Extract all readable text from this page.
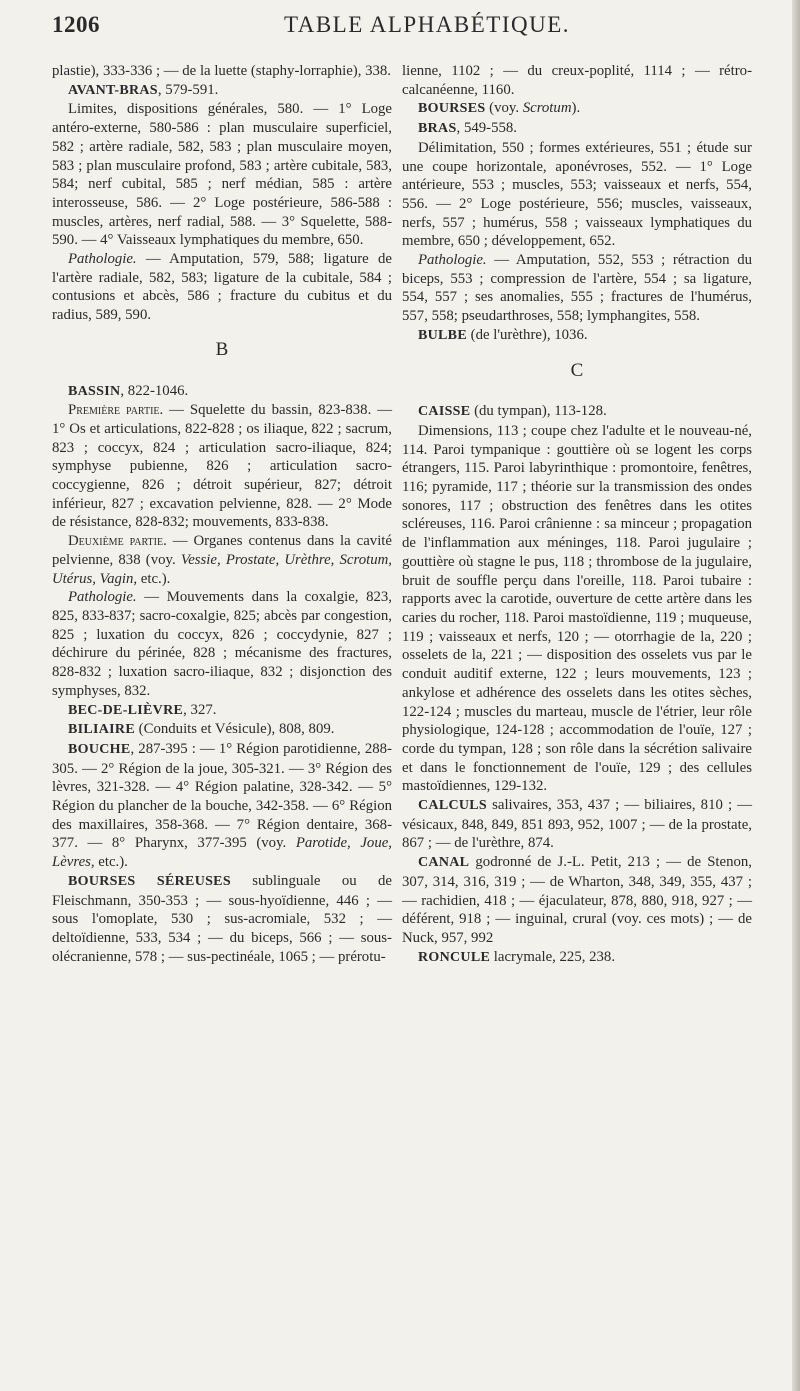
1206	TABLE ALPHABÉTIQUE.

plastie), 333-336 ; — de la luette (staphy-lorraphie), 338.

AVANT-BRAS, 579-591.

Limites, dispositions générales, 580. — 1° Loge antéro-externe, 580-586 : plan musculaire superficiel, 582 ; artère radiale, 582, 583 ; plan musculaire moyen, 583 ; plan musculaire profond, 583 ; artère cubitale, 583, 584; nerf cubital, 585 ; nerf médian, 585 : artère interosseuse, 586. — 2° Loge postérieure, 586-588 : muscles, artères, nerf radial, 588. — 3° Squelette, 588-590. — 4° Vaisseaux lymphatiques du membre, 650.

Pathologie. — Amputation, 579, 588; ligature de l'artère radiale, 582, 583; ligature de la cubitale, 584 ; contusions et abcès, 586 ; fracture du cubitus et du radius, 589, 590.

B

BASSIN, 822-1046.

Première partie. — Squelette du bassin, 823-838. — 1° Os et articulations, 822-828 ; os iliaque, 822 ; sacrum, 823 ; coccyx, 824 ; articulation sacro-iliaque, 824; symphyse pubienne, 826 ; articulation sacro-coccygienne, 826 ; détroit supérieur, 827; détroit inférieur, 827 ; excavation pelvienne, 828. — 2° Mode de résistance, 828-832; mouvements, 833-838.

Deuxième partie. — Organes contenus dans la cavité pelvienne, 838 (voy. Vessie, Prostate, Urèthre, Scrotum, Utérus, Vagin, etc.).

Pathologie. — Mouvements dans la coxalgie, 823, 825, 833-837; sacro-coxalgie, 825; abcès par congestion, 825 ; luxation du coccyx, 826 ; coccydynie, 827 ; déchirure du périnée, 828 ; mécanisme des fractures, 828-832 ; luxation sacro-iliaque, 832 ; disjonction des symphyses, 832.

BEC-DE-LIÈVRE, 327.

BILIAIRE (Conduits et Vésicule), 808, 809.

BOUCHE, 287-395 : — 1° Région parotidienne, 288-305. — 2° Région de la joue, 305-321. — 3° Région des lèvres, 321-328. — 4° Région palatine, 328-342. — 5° Région du plancher de la bouche, 342-358. — 6° Région des maxillaires, 358-368. — 7° Région dentaire, 368-377. — 8° Pharynx, 377-395 (voy. Parotide, Joue, Lèvres, etc.).

BOURSES SÉREUSES sublinguale ou de Fleischmann, 350-353 ; — sous-hyoïdienne, 446 ; — sous l'omoplate, 530 ; sus-acromiale, 532 ; — deltoïdienne, 533, 534 ; — du biceps, 566 ; — sous-olécranienne, 578 ; — sus-pectinéale, 1065 ; — prérotu-

lienne, 1102 ; — du creux-poplité, 1114 ; — rétro-calcanéenne, 1160.

BOURSES (voy. Scrotum).

BRAS, 549-558.

Délimitation, 550 ; formes extérieures, 551 ; étude sur une coupe horizontale, aponévroses, 552. — 1° Loge antérieure, 553 ; muscles, 553; vaisseaux et nerfs, 554, 556. — 2° Loge postérieure, 556; muscles, vaisseaux, nerfs, 557 ; humérus, 558 ; vaisseaux lymphatiques du membre, 650 ; développement, 652.

Pathologie. — Amputation, 552, 553 ; rétraction du biceps, 553 ; compression de l'artère, 554 ; sa ligature, 554, 557 ; ses anomalies, 555 ; fractures de l'humérus, 557, 558; pseudarthroses, 558; lymphangites, 558.

BULBE (de l'urèthre), 1036.

C

CAISSE (du tympan), 113-128.

Dimensions, 113 ; coupe chez l'adulte et le nouveau-né, 114. Paroi tympanique : gouttière où se logent les corps étrangers, 115. Paroi labyrinthique : promontoire, fenêtres, 116; pyramide, 117 ; théorie sur la transmission des ondes sonores, 117 ; obstruction des fenêtres dans les otites scléreuses, 116. Paroi crânienne : sa minceur ; propagation de l'inflammation aux méninges, 118. Paroi jugulaire ; gouttière où stagne le pus, 118 ; thrombose de la jugulaire, bruit de souffle perçu dans l'oreille, 118. Paroi tubaire : rapports avec la carotide, ouverture de cette artère dans les caries du rocher, 118. Paroi mastoïdienne, 119 ; muqueuse, 119 ; vaisseaux et nerfs, 120 ; — otorrhagie de la, 220 ; osselets de la, 221 ; — disposition des osselets vus par le conduit auditif externe, 122 ; leurs mouvements, 123 ; ankylose et adhérence des osselets dans les otites sèches, 122-124 ; muscles du marteau, muscle de l'étrier, leur rôle physiologique, 124-128 ; accommodation de l'ouïe, 127 ; corde du tympan, 128 ; son rôle dans la sécrétion salivaire et dans le fonctionnement de l'ouïe, 129 ; des cellules mastoïdiennes, 129-132.

CALCULS salivaires, 353, 437 ; — biliaires, 810 ; — vésicaux, 848, 849, 851 893, 952, 1007 ; — de la prostate, 867 ; — de l'urèthre, 874.

CANAL godronné de J.-L. Petit, 213 ; — de Stenon, 307, 314, 316, 319 ; — de Wharton, 348, 349, 355, 437 ; — rachidien, 418 ; — éjaculateur, 878, 880, 918, 927 ; — déférent, 918 ; — inguinal, crural (voy. ces mots) ; — de Nuck, 957, 992

RONCULE lacrymale, 225, 238.
